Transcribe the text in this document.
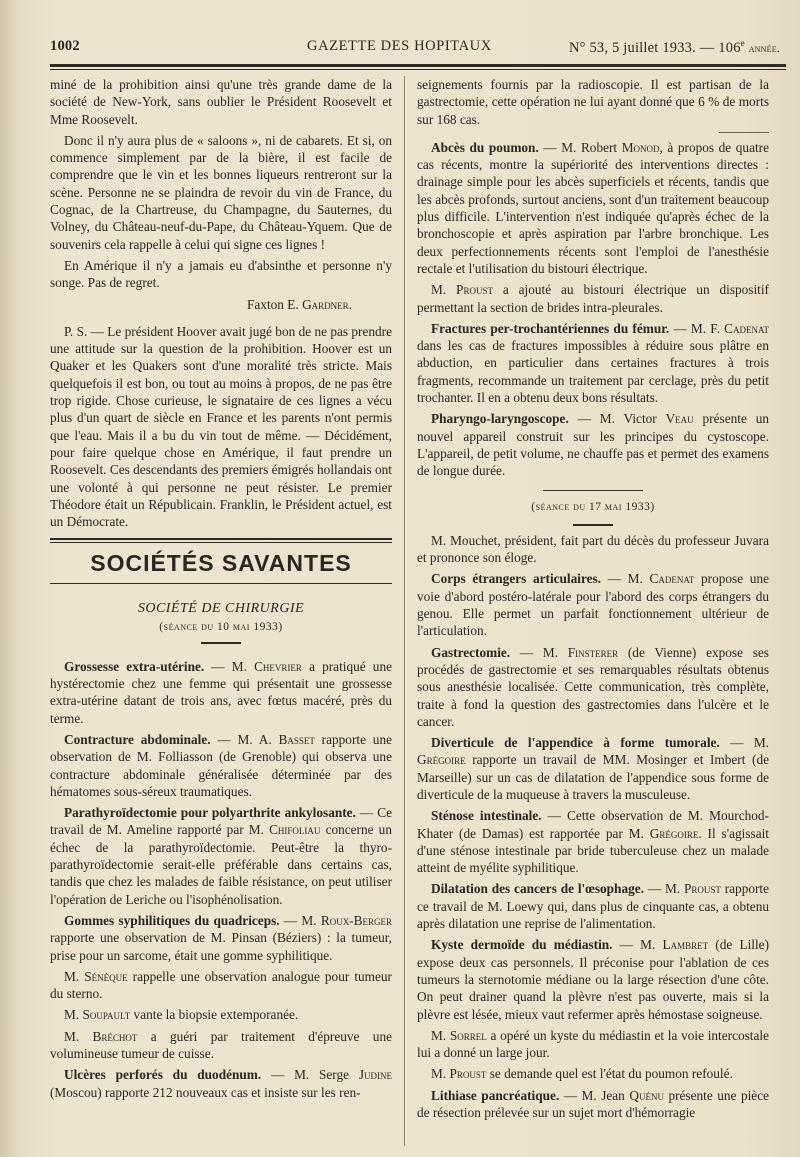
1002	GAZETTE DES HOPITAUX	N° 53, 5 juillet 1933. — 106e année.

miné de la prohibition ainsi qu'une très grande dame de la société de New-York, sans oublier le Président Roosevelt et Mme Roosevelt.

Donc il n'y aura plus de « saloons », ni de cabarets. Et si, on commence simplement par de la bière, il est facile de comprendre que le vin et les bonnes liqueurs rentreront sur la scène. Personne ne se plaindra de revoir du vin de France, du Cognac, de la Chartreuse, du Champagne, du Sauternes, du Volney, du Château-neuf-du-Pape, du Château-Yquem. Que de souvenirs cela rappelle à celui qui signe ces lignes !

En Amérique il n'y a jamais eu d'absinthe et personne n'y songe. Pas de regret.

Faxton E. Gardner.

P. S. — Le président Hoover avait jugé bon de ne pas prendre une attitude sur la question de la prohibition. Hoover est un Quaker et les Quakers sont d'une moralité très stricte. Mais quelquefois il est bon, ou tout au moins à propos, de ne pas être trop rigide. Chose curieuse, le signataire de ces lignes a vécu plus d'un quart de siècle en France et les parents n'ont permis que l'eau. Mais il a bu du vin tout de même. — Décidément, pour faire quelque chose en Amérique, il faut prendre un Roosevelt. Ces descendants des premiers émigrés hollandais ont une volonté à qui personne ne peut résister. Le premier Théodore était un Républicain. Franklin, le Président actuel, est un Démocrate.

SOCIÉTÉS SAVANTES
SOCIÉTÉ DE CHIRURGIE
(séance du 10 mai 1933)

Grossesse extra-utérine. — M. Chevrier a pratiqué une hystérectomie chez une femme qui présentait une grossesse extra-utérine datant de trois ans, avec fœtus macéré, près du terme.

Contracture abdominale. — M. A. Basset rapporte une observation de M. Folliasson (de Grenoble) qui observa une contracture abdominale généralisée déterminée par des hématomes sous-séreux traumatiques.

Parathyroïdectomie pour polyarthrite ankylosante. — Ce travail de M. Ameline rapporté par M. Chifoliau concerne un échec de la parathyroïdectomie. Peut-être la thyro-parathyroïdectomie serait-elle préférable dans certains cas, tandis que chez les malades de faible résistance, on peut utiliser l'opération de Leriche ou l'isophénolisation.

Gommes syphilitiques du quadriceps. — M. Roux-Berger rapporte une observation de M. Pinsan (Béziers) : la tumeur, prise pour un sarcome, était une gomme syphilitique.

M. Sénèque rappelle une observation analogue pour tumeur du sterno.

M. Soupault vante la biopsie extemporanée.

M. Bréchot a guéri par traitement d'épreuve une volumineuse tumeur de cuisse.

Ulcères perforés du duodénum. — M. Serge Judine (Moscou) rapporte 212 nouveaux cas et insiste sur les ren-

seignements fournis par la radioscopie. Il est partisan de la gastrectomie, cette opération ne lui ayant donné que 6 % de morts sur 168 cas.

Abcès du poumon. — M. Robert Monod, à propos de quatre cas récents, montre la supériorité des interventions directes : drainage simple pour les abcès superficiels et récents, tandis que les abcès profonds, surtout anciens, sont d'un traitement beaucoup plus difficile. L'intervention n'est indiquée qu'après échec de la bronchoscopie et après aspiration par l'arbre bronchique. Les deux perfectionnements récents sont l'emploi de l'anesthésie rectale et l'utilisation du bistouri électrique.

M. Proust a ajouté au bistouri électrique un dispositif permettant la section de brides intra-pleurales.

Fractures per-trochantériennes du fémur. — M. F. Cadenat dans les cas de fractures impossibles à réduire sous plâtre en abduction, en particulier dans certaines fractures à trois fragments, recommande un traitement par cerclage, près du petit trochanter. Il en a obtenu deux bons résultats.

Pharyngo-laryngoscope. — M. Victor Veau présente un nouvel appareil construit sur les principes du cystoscope. L'appareil, de petit volume, ne chauffe pas et permet des examens de longue durée.

(séance du 17 mai 1933)

M. Mouchet, président, fait part du décès du professeur Juvara et prononce son éloge.

Corps étrangers articulaires. — M. Cadenat propose une voie d'abord postéro-latérale pour l'abord des corps étrangers du genou. Elle permet un parfait fonctionnement ultérieur de l'articulation.

Gastrectomie. — M. Finsterer (de Vienne) expose ses procédés de gastrectomie et ses remarquables résultats obtenus sous anesthésie localisée. Cette communication, très complète, traite à fond la question des gastrectomies dans l'ulcère et le cancer.

Diverticule de l'appendice à forme tumorale. — M. Grégoire rapporte un travail de MM. Mosinger et Imbert (de Marseille) sur un cas de dilatation de l'appendice sous forme de diverticule de la muqueuse à travers la musculeuse.

Sténose intestinale. — Cette observation de M. Mourchod-Khater (de Damas) est rapportée par M. Grégoire. Il s'agissait d'une sténose intestinale par bride tuberculeuse chez un malade atteint de myélite syphilitique.

Dilatation des cancers de l'œsophage. — M. Proust rapporte ce travail de M. Loewy qui, dans plus de cinquante cas, a obtenu après dilatation une reprise de l'alimentation.

Kyste dermoïde du médiastin. — M. Lambret (de Lille) expose deux cas personnels. Il préconise pour l'ablation de ces tumeurs la sternotomie médiane ou la large résection d'une côte. On peut drainer quand la plèvre n'est pas ouverte, mais si la plèvre est lésée, mieux vaut refermer après hémostase soigneuse.

M. Sorrel a opéré un kyste du médiastin et la voie intercostale lui a donné un large jour.

M. Proust se demande quel est l'état du poumon refoulé.

Lithiase pancréatique. — M. Jean Quénu présente une pièce de résection prélevée sur un sujet mort d'hémorragie
